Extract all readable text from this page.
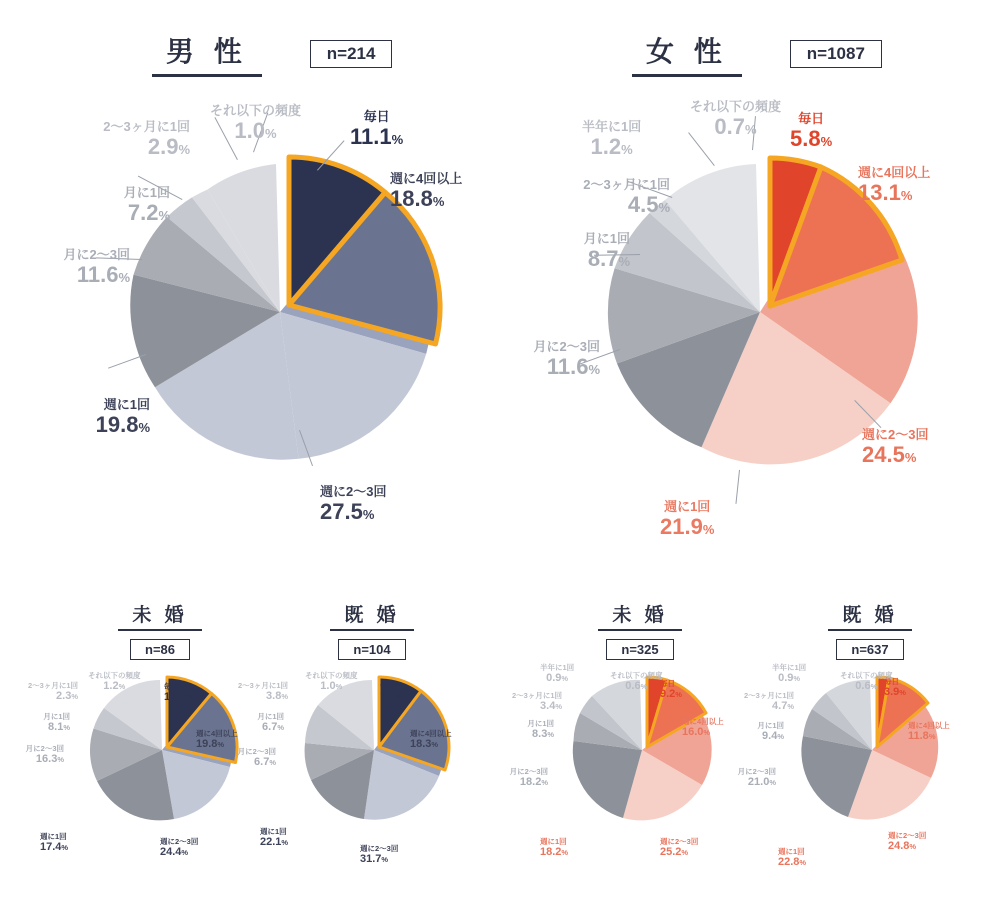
男 性	n=214
毎日
11.1%
週に4回以上
18.8%
週に2〜3回
27.5%
週に1回
19.8%
月に2〜3回
11.6%
月に1回
7.2%
2〜3ヶ月に1回
2.9%
それ以下の頻度
1.0%
女 性	n=1087
毎日
5.8%
週に4回以上
13.1%
週に2〜3回
24.5%
週に1回
21.9%
月に2〜3回
11.6%
月に1回
8.7%
2〜3ヶ月に1回
4.5%
半年に1回
1.2%
それ以下の頻度
0.7%
未 婚
n=86
毎日
10.5%
週に4回以上
19.8%
週に2〜3回
24.4%
週に1回
17.4%
月に2〜3回
16.3%
月に1回
8.1%
2〜3ヶ月に1回
2.3%
それ以下の頻度
1.2%
既 婚
n=104
毎日
9.6%
週に4回以上
18.3%
週に2〜3回
31.7%
週に1回
22.1%
月に2〜3回
6.7%
月に1回
6.7%
2〜3ヶ月に1回
3.8%
それ以下の頻度
1.0%
未 婚
n=325
毎日
9.2%
週に4回以上
16.0%
週に2〜3回
25.2%
週に1回
18.2%
月に2〜3回
18.2%
月に1回
8.3%
2〜3ヶ月に1回
3.4%
半年に1回
0.9%	それ以下の頻度
0.6%
既 婚
n=637
毎日
3.9%
週に4回以上
11.8%
週に2〜3回
24.8%
週に1回
22.8%
月に2〜3回
21.0%
月に1回
9.4%
2〜3ヶ月に1回
4.7%
半年に1回
0.9%	それ以下の頻度
0.6%
